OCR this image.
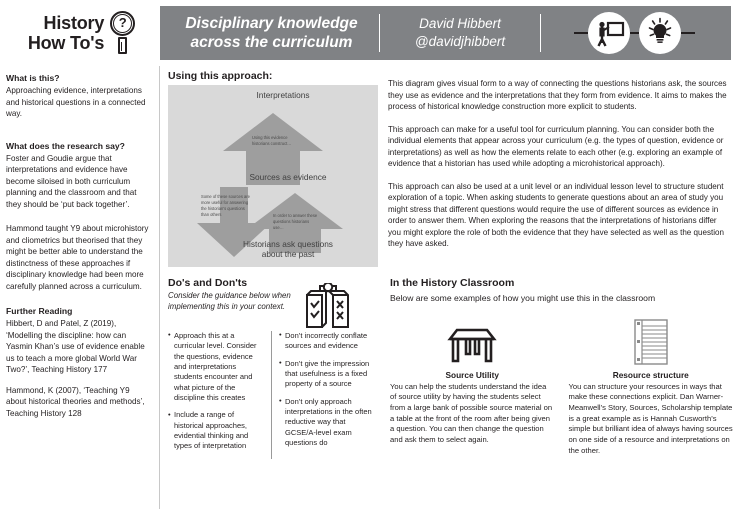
History
How To's
?	Disciplinary knowledge
across the curriculum
David Hibbert
@davidjhibbert
What is this?

Approaching evidence, interpretations and historical questions in a connected way.

What does the research say?

Foster and Goudie argue that interpretations and evidence have become siloised in both curriculum planning and the classroom and that they should be ‘put back together’.

Hammond taught Y9 about microhistory and cliometrics but theorised that they might be better able to understand the distinctness of these approaches if disciplinary knowledge had been more carefully planned across a curriculum.

Further Reading
Hibbert, D and Patel, Z (2019), ‘Modelling the discipline: how can Yasmin Khan’s use of evidence enable us to teach a more global World War Two?’, Teaching History 177
Hammond, K (2007), ‘Teaching Y9 about historical theories and methods’, Teaching History 128
Using this approach:
Interpretations
Sources as evidence
Historians ask questions
about the past
Using this evidence historians construct…
Some of these sources are more useful for answering the historian's questions than others	In order to answer these questions historians use…

This diagram gives visual form to a way of connecting the questions historians ask, the sources they use as evidence and the interpretations that they form from evidence. It aims to makes the process of historical knowledge construction more explicit to students.

This approach can make for a useful tool for curriculum planning. You can consider both the individual elements that appear across your curriculum (e.g. the types of question, evidence or interpretations) as well as how the elements relate to each other (e.g. exploring an example of evidence that a historian has used while adopting a microhistorical approach).

This approach can also be used at a unit level or an individual lesson level to structure student exploration of a topic. When asking students to generate questions about an area of study you might stress that different questions would require the use of different sources as evidence in order to answer them. When exploring the reasons that the interpretations of historians differ you might explore the role of both the evidence that they have selected as well as the question they have asked.

Do's and Don'ts
Consider the guidance below when implementing this in your context.
• Approach this at a curricular level. Consider the questions, evidence and interpretations students encounter and what picture of the discipline this creates
• Include a range of historical approaches, evidential thinking and types of interpretation
• Don’t incorrectly conflate sources and evidence
• Don’t give the impression that usefulness is a fixed property of a source
• Don’t only approach interpretations in the often reductive way that GCSE/A-level exam questions do
In the History Classroom
Below are some examples of how you might use this in the classroom
Source Utility
You can help the students understand the idea of source utility by having the students select from a large bank of possible source material on a table at the front of the room after being given a question. You can then change the question and ask them to select again.
Resource structure
You can structure your resources in ways that make these connections explicit. Dan Warner-Meanwell’s Story, Sources, Scholarship template is a great example as is Hannah Cusworth’s simple but brilliant idea of always having sources on one side of a resource and interpretations on the other.
